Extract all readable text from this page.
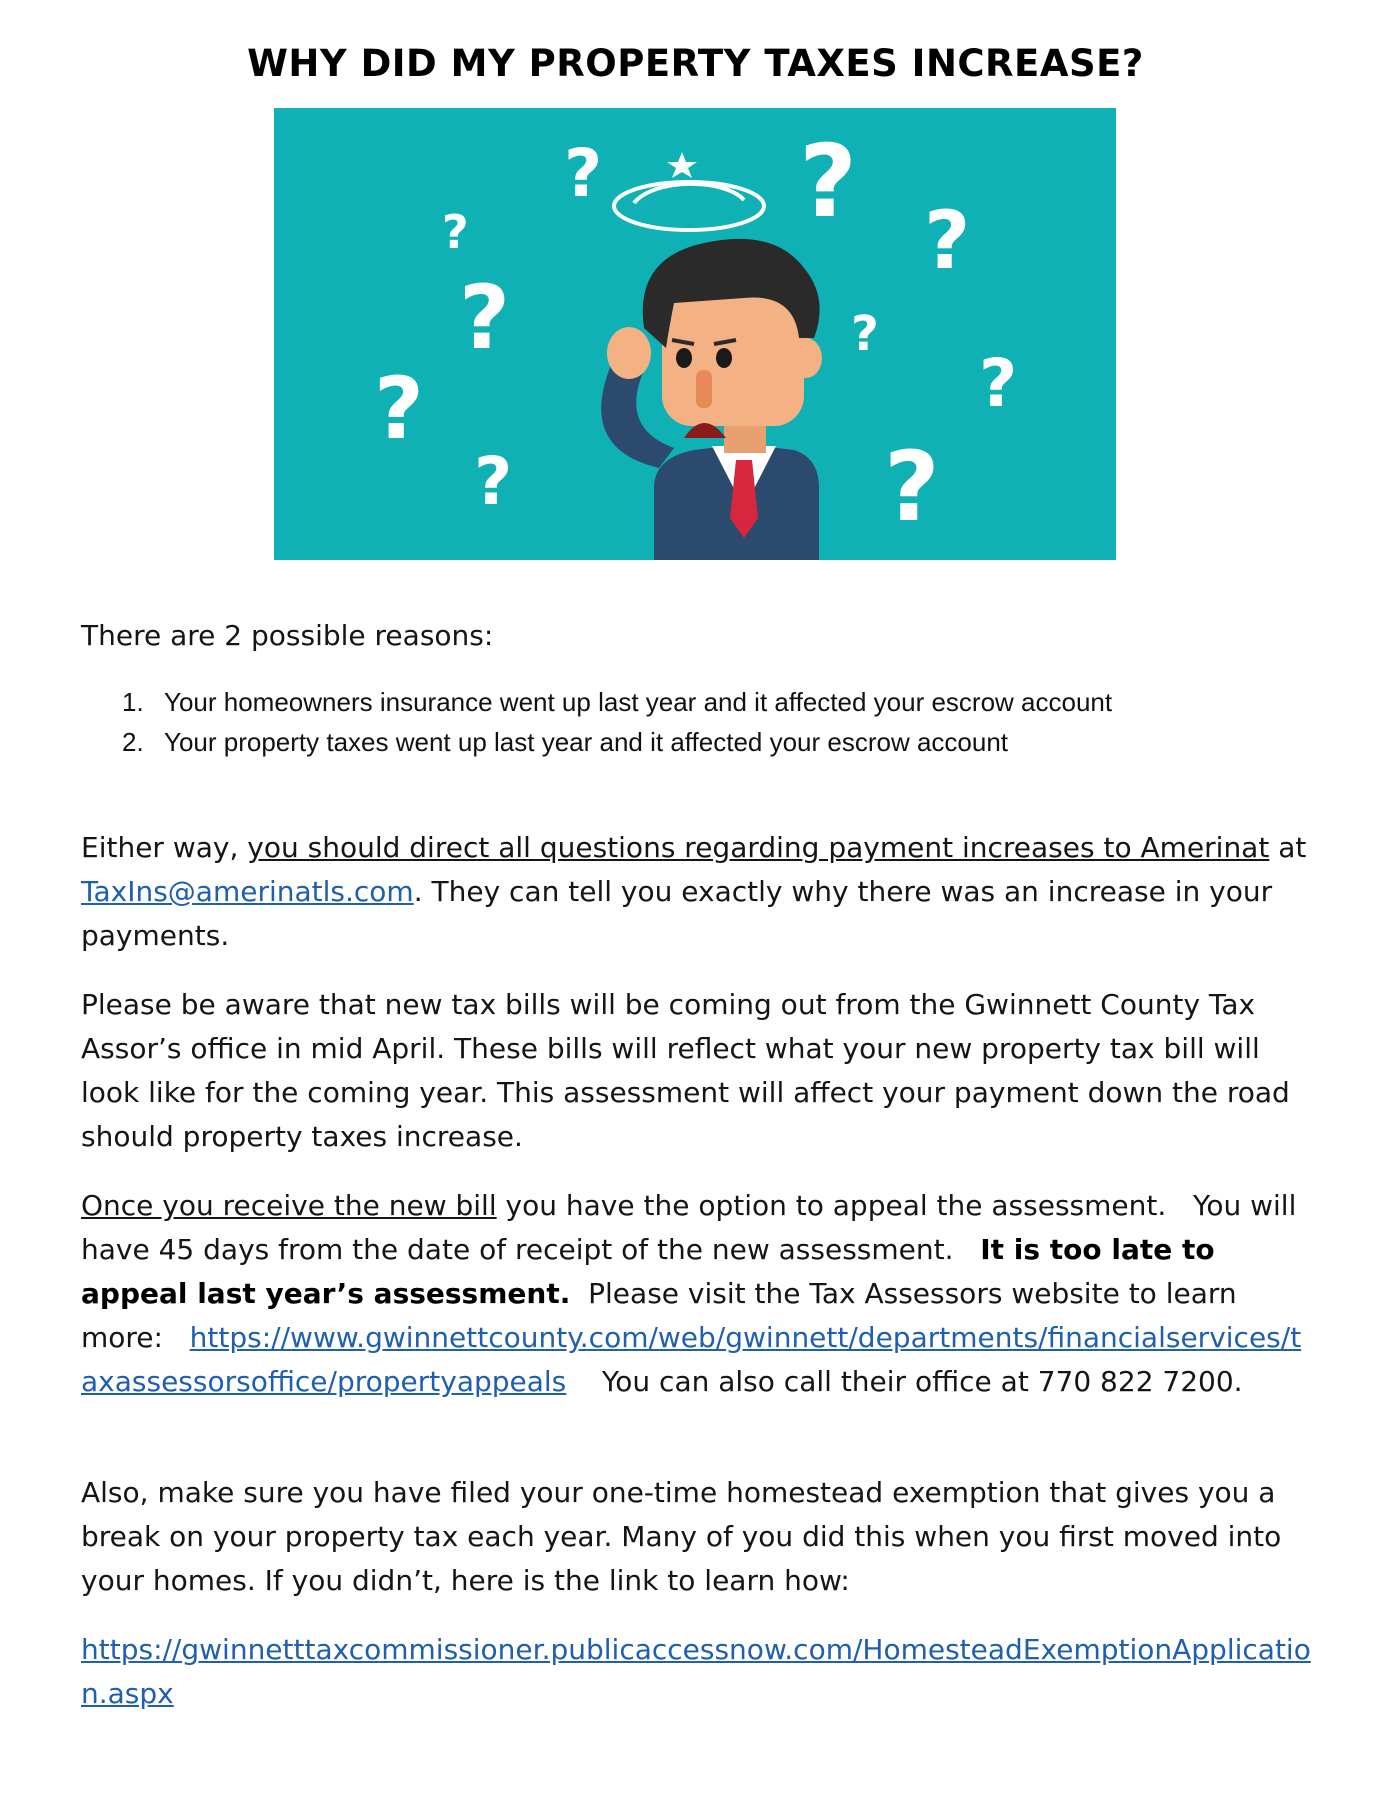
WHY DID MY PROPERTY TAXES INCREASE?
? ?
?	?
?	?
?	?
?	?

There are 2 possible reasons:

1. Your homeowners insurance went up last year and it affected your escrow account
2. Your property taxes went up last year and it affected your escrow account

Either way, you should direct all questions regarding payment increases to Amerinat at TaxIns@amerinatls.com. They can tell you exactly why there was an increase in your payments.

Please be aware that new tax bills will be coming out from the Gwinnett County Tax Assor’s office in mid April. These bills will reflect what your new property tax bill will look like for the coming year. This assessment will affect your payment down the road should property taxes increase.

Once you receive the new bill you have the option to appeal the assessment.   You will have 45 days from the date of receipt of the new assessment.   It is too late to appeal last year’s assessment.  Please visit the Tax Assessors website to learn more:   https://www.gwinnettcounty.com/web/gwinnett/departments/financialservices/taxassessorsoffice/propertyappeals    You can also call their office at 770 822 7200.

Also, make sure you have filed your one-time homestead exemption that gives you a break on your property tax each year. Many of you did this when you first moved into your homes. If you didn’t, here is the link to learn how:

https://gwinnetttaxcommissioner.publicaccessnow.com/HomesteadExemptionApplication.aspx
